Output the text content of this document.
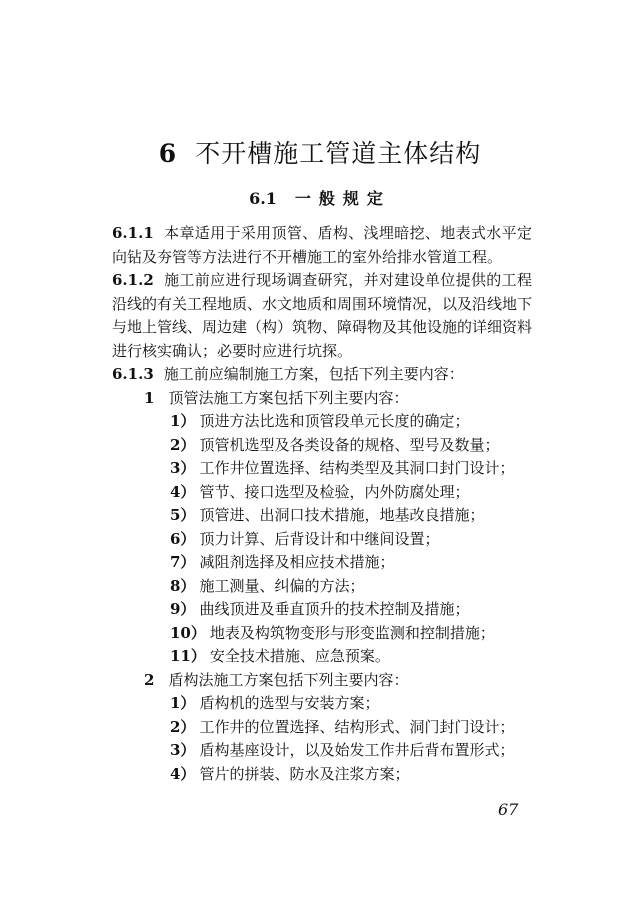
6 不开槽施工管道主体结构
6.1 一般规定
6.1.1 本章适用于采用顶管、盾构、浅埋暗挖、地表式水平定向钻及夯管等方法进行不开槽施工的室外给排水管道工程。
6.1.2 施工前应进行现场调查研究，并对建设单位提供的工程沿线的有关工程地质、水文地质和周围环境情况，以及沿线地下与地上管线、周边建（构）筑物、障碍物及其他设施的详细资料进行核实确认；必要时应进行坑探。
6.1.3 施工前应编制施工方案，包括下列主要内容：
1 顶管法施工方案包括下列主要内容：
1） 顶进方法比选和顶管段单元长度的确定；
2） 顶管机选型及各类设备的规格、型号及数量；
3） 工作井位置选择、结构类型及其洞口封门设计；
4） 管节、接口选型及检验，内外防腐处理；
5） 顶管进、出洞口技术措施，地基改良措施；
6） 顶力计算、后背设计和中继间设置；
7） 减阻剂选择及相应技术措施；
8） 施工测量、纠偏的方法；
9） 曲线顶进及垂直顶升的技术控制及措施；
10） 地表及构筑物变形与形变监测和控制措施；
11） 安全技术措施、应急预案。
2 盾构法施工方案包括下列主要内容：
1） 盾构机的选型与安装方案；
2） 工作井的位置选择、结构形式、洞门封门设计；
3） 盾构基座设计，以及始发工作井后背布置形式；
4） 管片的拼装、防水及注浆方案；
67
